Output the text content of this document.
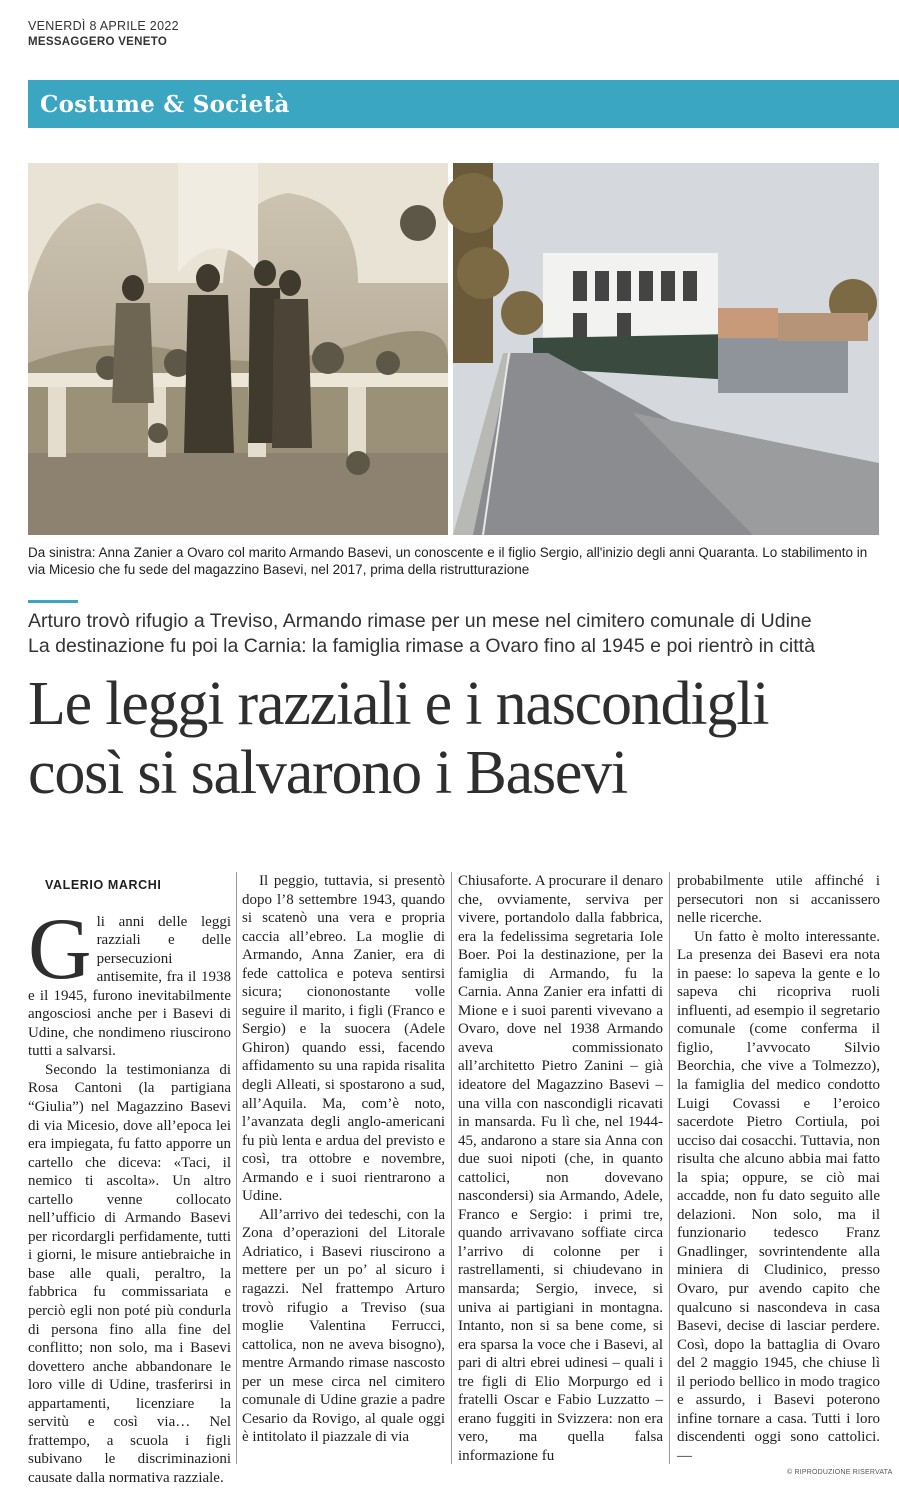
VENERDÌ 8 APRILE 2022
MESSAGGERO VENETO
Costume & Società
Da sinistra: Anna Zanier a Ovaro col marito Armando Basevi, un conoscente e il figlio Sergio, all'inizio degli anni Quaranta. Lo stabilimento in via Micesio che fu sede del magazzino Basevi, nel 2017, prima della ristrutturazione
Arturo trovò rifugio a Treviso, Armando rimase per un mese nel cimitero comunale di Udine
La destinazione fu poi la Carnia: la famiglia rimase a Ovaro fino al 1945 e poi rientrò in città
Le leggi razziali e i nascondigli
così si salvarono i Basevi

VALERIO MARCHI

Gli anni delle leggi razziali e delle persecuzioni antisemite, fra il 1938 e il 1945, furono inevitabilmente angosciosi anche per i Basevi di Udine, che nondimeno riuscirono tutti a salvarsi.

Secondo la testimonianza di Rosa Cantoni (la partigiana “Giulia”) nel Magazzino Basevi di via Micesio, dove all’epoca lei era impiegata, fu fatto apporre un cartello che diceva: «Taci, il nemico ti ascolta». Un altro cartello venne collocato nell’ufficio di Armando Basevi per ricordargli perfidamente, tutti i giorni, le misure antiebraiche in base alle quali, peraltro, la fabbrica fu commissariata e perciò egli non poté più condurla di persona fino alla fine del conflitto; non solo, ma i Basevi dovettero anche abbandonare le loro ville di Udine, trasferirsi in appartamenti, licenziare la servitù e così via… Nel frattempo, a scuola i figli subivano le discriminazioni causate dalla normativa razziale.

Il peggio, tuttavia, si presentò dopo l’8 settembre 1943, quando si scatenò una vera e propria caccia all’ebreo. La moglie di Armando, Anna Zanier, era di fede cattolica e poteva sentirsi sicura; ciononostante volle seguire il marito, i figli (Franco e Sergio) e la suocera (Adele Ghiron) quando essi, facendo affidamento su una rapida risalita degli Alleati, si spostarono a sud, all’Aquila. Ma, com’è noto, l’avanzata degli anglo-americani fu più lenta e ardua del previsto e così, tra ottobre e novembre, Armando e i suoi rientrarono a Udine.

All’arrivo dei tedeschi, con la Zona d’operazioni del Litorale Adriatico, i Basevi riuscirono a mettere per un po’ al sicuro i ragazzi. Nel frattempo Arturo trovò rifugio a Treviso (sua moglie Valentina Ferrucci, cattolica, non ne aveva bisogno), mentre Armando rimase nascosto per un mese circa nel cimitero comunale di Udine grazie a padre Cesario da Rovigo, al quale oggi è intitolato il piazzale di via

Chiusaforte. A procurare il denaro che, ovviamente, serviva per vivere, portandolo dalla fabbrica, era la fedelissima segretaria Iole Boer. Poi la destinazione, per la famiglia di Armando, fu la Carnia. Anna Zanier era infatti di Mione e i suoi parenti vivevano a Ovaro, dove nel 1938 Armando aveva commissionato all’architetto Pietro Zanini – già ideatore del Magazzino Basevi – una villa con nascondigli ricavati in mansarda. Fu lì che, nel 1944-45, andarono a stare sia Anna con due suoi nipoti (che, in quanto cattolici, non dovevano nascondersi) sia Armando, Adele, Franco e Sergio: i primi tre, quando arrivavano soffiate circa l’arrivo di colonne per i rastrellamenti, si chiudevano in mansarda; Sergio, invece, si univa ai partigiani in montagna. Intanto, non si sa bene come, si era sparsa la voce che i Basevi, al pari di altri ebrei udinesi – quali i tre figli di Elio Morpurgo ed i fratelli Oscar e Fabio Luzzatto – erano fuggiti in Svizzera: non era vero, ma quella falsa informazione fu

probabilmente utile affinché i persecutori non si accanissero nelle ricerche.

Un fatto è molto interessante. La presenza dei Basevi era nota in paese: lo sapeva la gente e lo sapeva chi ricopriva ruoli influenti, ad esempio il segretario comunale (come conferma il figlio, l’avvocato Silvio Beorchia, che vive a Tolmezzo), la famiglia del medico condotto Luigi Covassi e l’eroico sacerdote Pietro Cortiula, poi ucciso dai cosacchi. Tuttavia, non risulta che alcuno abbia mai fatto la spia; oppure, se ciò mai accadde, non fu dato seguito alle delazioni. Non solo, ma il funzionario tedesco Franz Gnadlinger, sovrintendente alla miniera di Cludinico, presso Ovaro, pur avendo capito che qualcuno si nascondeva in casa Basevi, decise di lasciar perdere. Così, dopo la battaglia di Ovaro del 2 maggio 1945, che chiuse lì il periodo bellico in modo tragico e assurdo, i Basevi poterono infine tornare a casa. Tutti i loro discendenti oggi sono cattolici. —

© RIPRODUZIONE RISERVATA
